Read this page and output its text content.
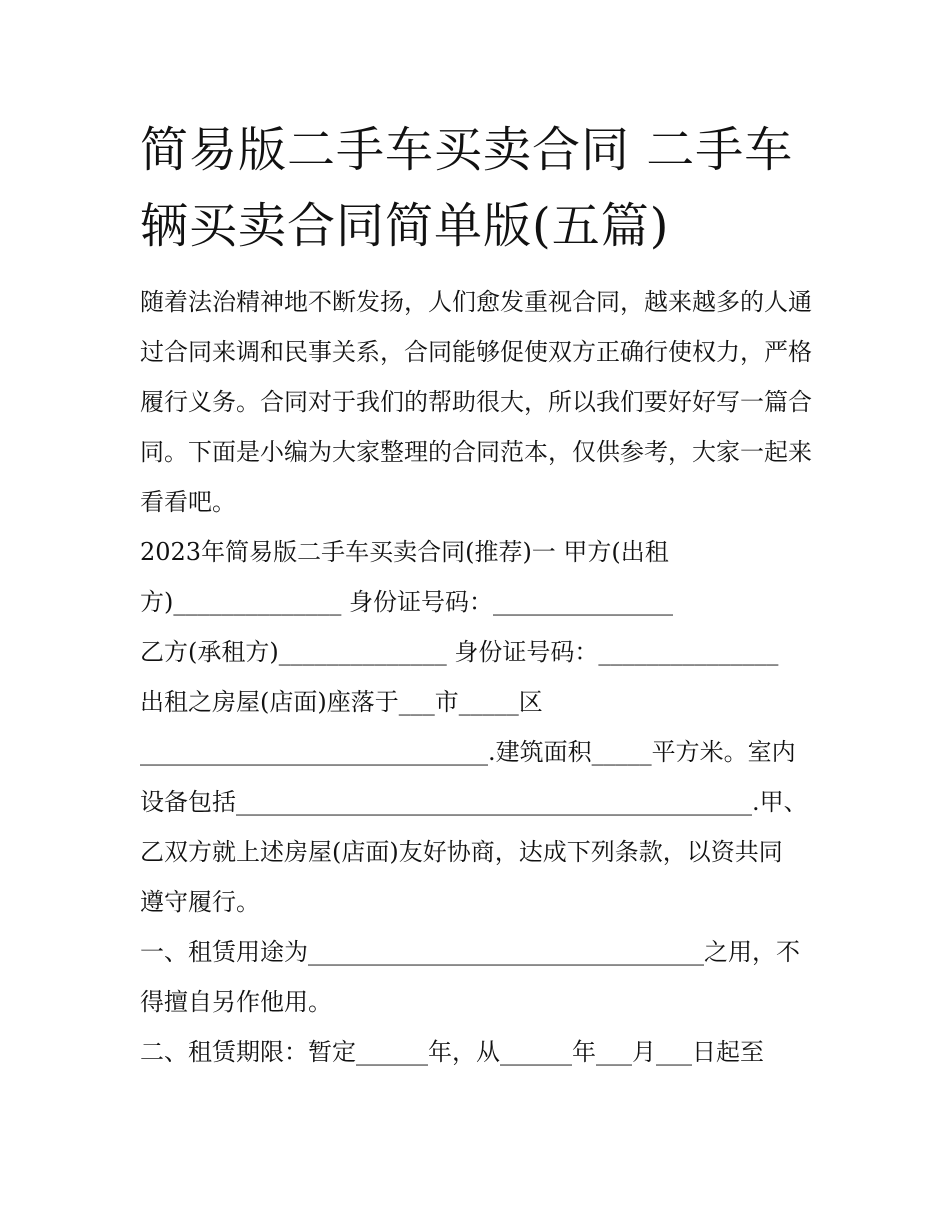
简易版二手车买卖合同 二手车辆买卖合同简单版(五篇)

随着法治精神地不断发扬，人们愈发重视合同，越来越多的人通过合同来调和民事关系，合同能够促使双方正确行使权力，严格履行义务。合同对于我们的帮助很大，所以我们要好好写一篇合同。下面是小编为大家整理的合同范本，仅供参考，大家一起来看看吧。

2023年简易版二手车买卖合同(推荐)一 甲方(出租
方)______________ 身份证号码：_______________
乙方(承租方)______________ 身份证号码：_______________
出租之房屋(店面)座落于___市_____区
_____________________________.建筑面积_____平方米。室内
设备包括___________________________________________.甲、
乙双方就上述房屋(店面)友好协商，达成下列条款，以资共同
遵守履行。
一、租赁用途为_________________________________之用，不
得擅自另作他用。
二、租赁期限：暂定______年，从______年___月___日起至
